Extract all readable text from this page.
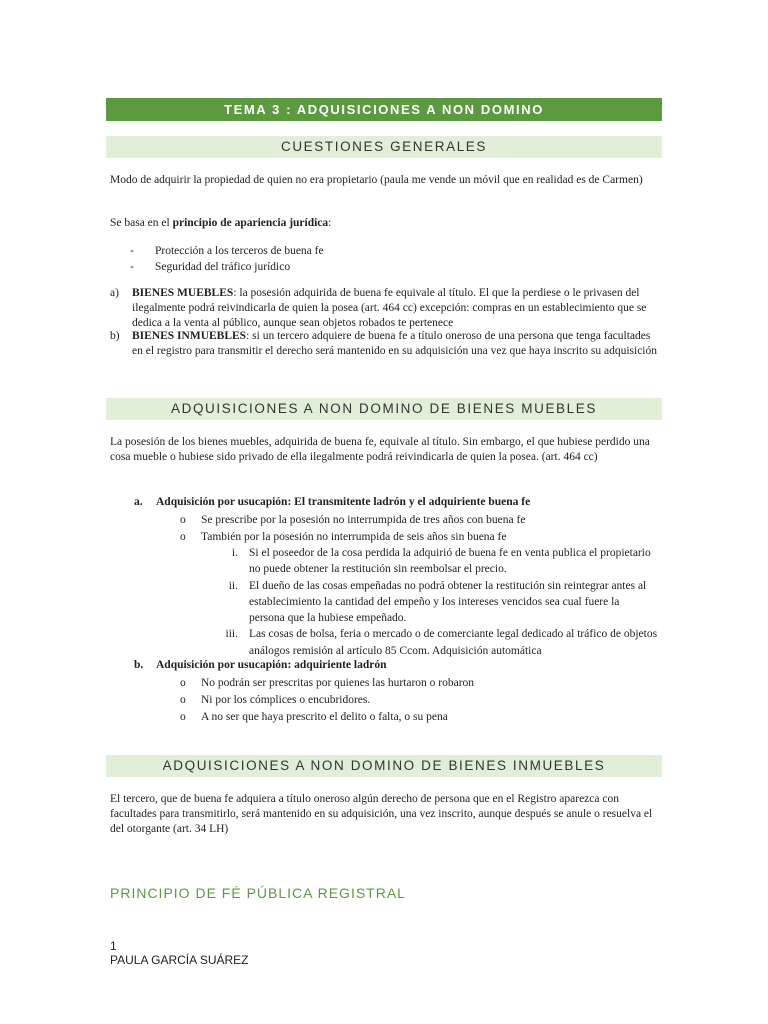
TEMA 3 : ADQUISICIONES A NON DOMINO
CUESTIONES GENERALES

Modo de adquirir la propiedad de quien no era propietario (paula me vende un móvil que en realidad es de Carmen)

Se basa en el principio de apariencia jurídica:

- Protección a los terceros de buena fe
- Seguridad del tráfico jurídico
a) BIENES MUEBLES: la posesión adquirida de buena fe equivale al título. El que la perdiese o le privasen del ilegalmente podrá reivindicarla de quien la posea (art. 464 cc) excepción: compras en un establecimiento que se dedica a la venta al público, aunque sean objetos robados te pertenece
b) BIENES INMUEBLES: si un tercero adquiere de buena fe a título oneroso de una persona que tenga facultades en el registro para transmitir el derecho será mantenido en su adquisición una vez que haya inscrito su adquisición
ADQUISICIONES A NON DOMINO DE BIENES MUEBLES

La posesión de los bienes muebles, adquirida de buena fe, equivale al título. Sin embargo, el que hubiese perdido una cosa mueble o hubiese sido privado de ella ilegalmente podrá reivindicarla de quien la posea. (art. 464 cc)

a. Adquisición por usucapión: El transmitente ladrón y el adquiriente buena fe
o Se prescribe por la posesión no interrumpida de tres años con buena fe
o También por la posesión no interrumpida de seis años sin buena fe
i. Si el poseedor de la cosa perdida la adquirió de buena fe en venta publica el propietario no puede obtener la restitución sin reembolsar el precio.
ii. El dueño de las cosas empeñadas no podrá obtener la restitución sin reintegrar antes al establecimiento la cantidad del empeño y los intereses vencidos sea cual fuere la persona que la hubiese empeñado.
iii. Las cosas de bolsa, feria o mercado o de comerciante legal dedicado al tráfico de objetos análogos remisión al artículo 85 Ccom. Adquisición automática
b. Adquisición por usucapión: adquiriente ladrón
o No podrán ser prescritas por quienes las hurtaron o robaron
o Ni por los cómplices o encubridores.
o A no ser que haya prescrito el delito o falta, o su pena
ADQUISICIONES A NON DOMINO DE BIENES INMUEBLES

El tercero, que de buena fe adquiera a título oneroso algún derecho de persona que en el Registro aparezca con facultades para transmitirlo, será mantenido en su adquisición, una vez inscrito, aunque después se anule o resuelva el del otorgante (art. 34 LH)

PRINCIPIO DE FÉ PÚBLICA REGISTRAL
1
PAULA GARCÍA SUÁREZ
